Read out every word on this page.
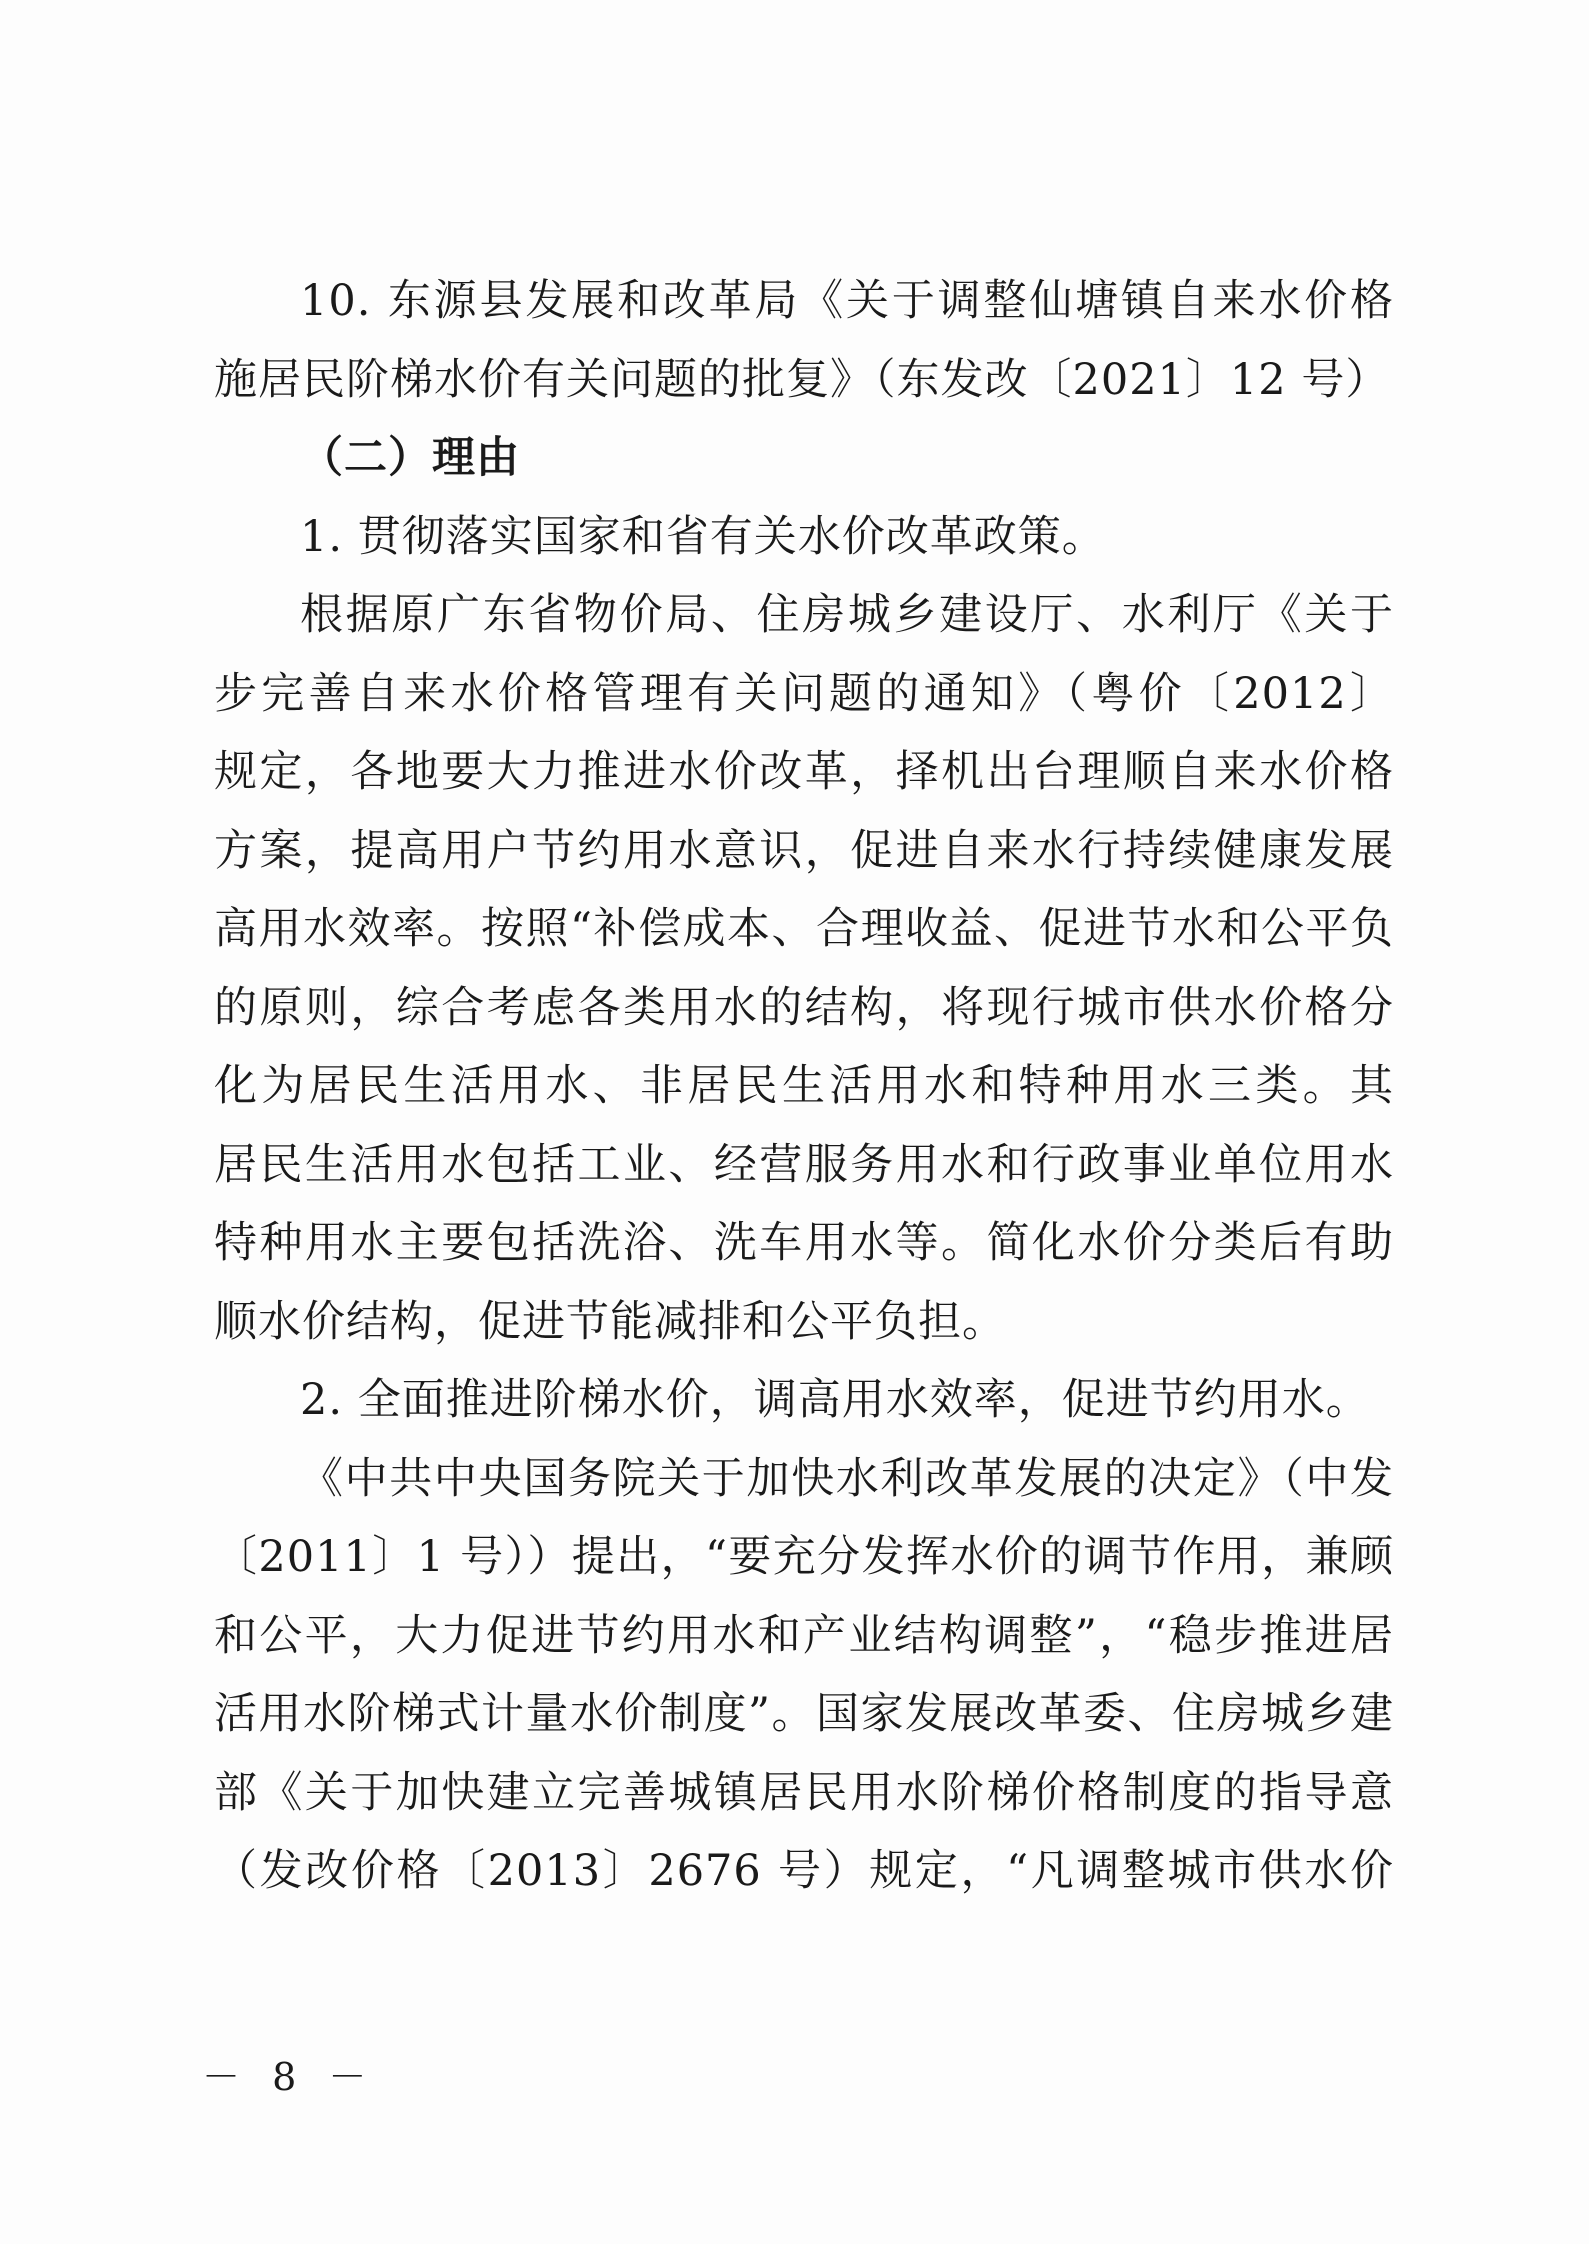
10. 东源县发展和改革局《关于调整仙塘镇自来水价格
施居民阶梯水价有关问题的批复》（东发改〔2021〕12 号）
（二）理由
1. 贯彻落实国家和省有关水价改革政策。
根据原广东省物价局、住房城乡建设厅、水利厅《关于
步完善自来水价格管理有关问题的通知》（粤价〔2012〕
规定，各地要大力推进水价改革，择机出台理顺自来水价格
方案，提高用户节约用水意识，促进自来水行持续健康发展
高用水效率。按照“补偿成本、合理收益、促进节水和公平负
的原则，综合考虑各类用水的结构，将现行城市供水价格分
化为居民生活用水、非居民生活用水和特种用水三类。其
居民生活用水包括工业、经营服务用水和行政事业单位用水
特种用水主要包括洗浴、洗车用水等。简化水价分类后有助
顺水价结构，促进节能减排和公平负担。
2. 全面推进阶梯水价，调高用水效率，促进节约用水。
《中共中央国务院关于加快水利改革发展的决定》（中发
〔2011〕1 号））提出，“要充分发挥水价的调节作用，兼顾
和公平，大力促进节约用水和产业结构调整”，“稳步推进居
活用水阶梯式计量水价制度”。国家发展改革委、住房城乡建
部《关于加快建立完善城镇居民用水阶梯价格制度的指导意
（发改价格〔2013〕2676 号）规定，“凡调整城市供水价
－ 8 －
